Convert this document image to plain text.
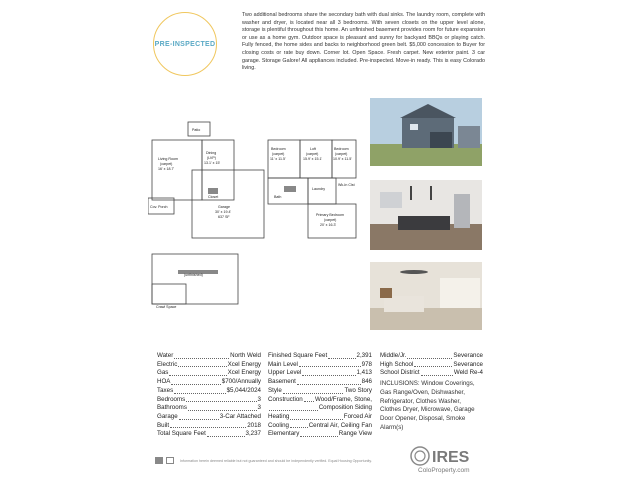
PRE-INSPECTED
Two additional bedrooms share the secondary bath with dual sinks. The laundry room, complete with washer and dryer, is located near all 3 bedrooms. With seven closets on the upper level alone, storage is plentiful throughout this home. An unfinished basement provides room for future expansion or use as a home gym. Outdoor space is pleasant and sunny for backyard BBQs or playing catch. Fully fenced, the home sides and backs to neighborhood green belt. $5,000 concession to Buyer for closing costs or rate buy down. Corner lot. Open Space. Fresh carpet. New exterior paint. 3 car garage. Storage Galore! All appliances included. Pre-inspected. Move-in ready. This is easy Colorado living.
Patio
Living Room
(carpet)
16' x 18.7'
Dining
(LVP)
13.1' x 15'
Closet
Garage
30' x 19.4'
637 SF
Cov. Porch
Bedroom
(carpet)
11' x 11.5'
Loft
(carpet)
15.9' x 15.1'
Bedroom
(carpet)
10.9' x 11.5'
Bath
Laundry
Wk-In Clst
Primary Bedroom
(carpet)
20' x 16.3'
(unfinished)
Crawl Space
Water	North Weld
Electric	Xcel Energy
Gas	Xcel Energy
HOA	$700/Annually
Taxes	$5,044/2024
Bedrooms	3
Bathrooms	3
Garage	3-Car Attached
Built	2018
Total Square Feet	3,237
Finished Square Feet	2,391
Main Level	978
Upper Level	1,413
Basement	846
Style	Two Story
Construction Wood/Frame, Stone,
Composition Siding
Heating	Forced Air
Cooling	Central Air, Ceiling Fan
Elementary	Range View
Middle/Jr.	Severance
High School	Severance
School District	Weld Re-4
INCLUSIONS: Window Coverings, Gas Range/Oven, Dishwasher, Refrigerator, Clothes Washer, Clothes Dryer, Microwave, Garage Door Opener, Disposal, Smoke Alarm(s)
Information herein deemed reliable but not guaranteed and should be independently verified. Equal Housing Opportunity.	IRES
ColoProperty.com
